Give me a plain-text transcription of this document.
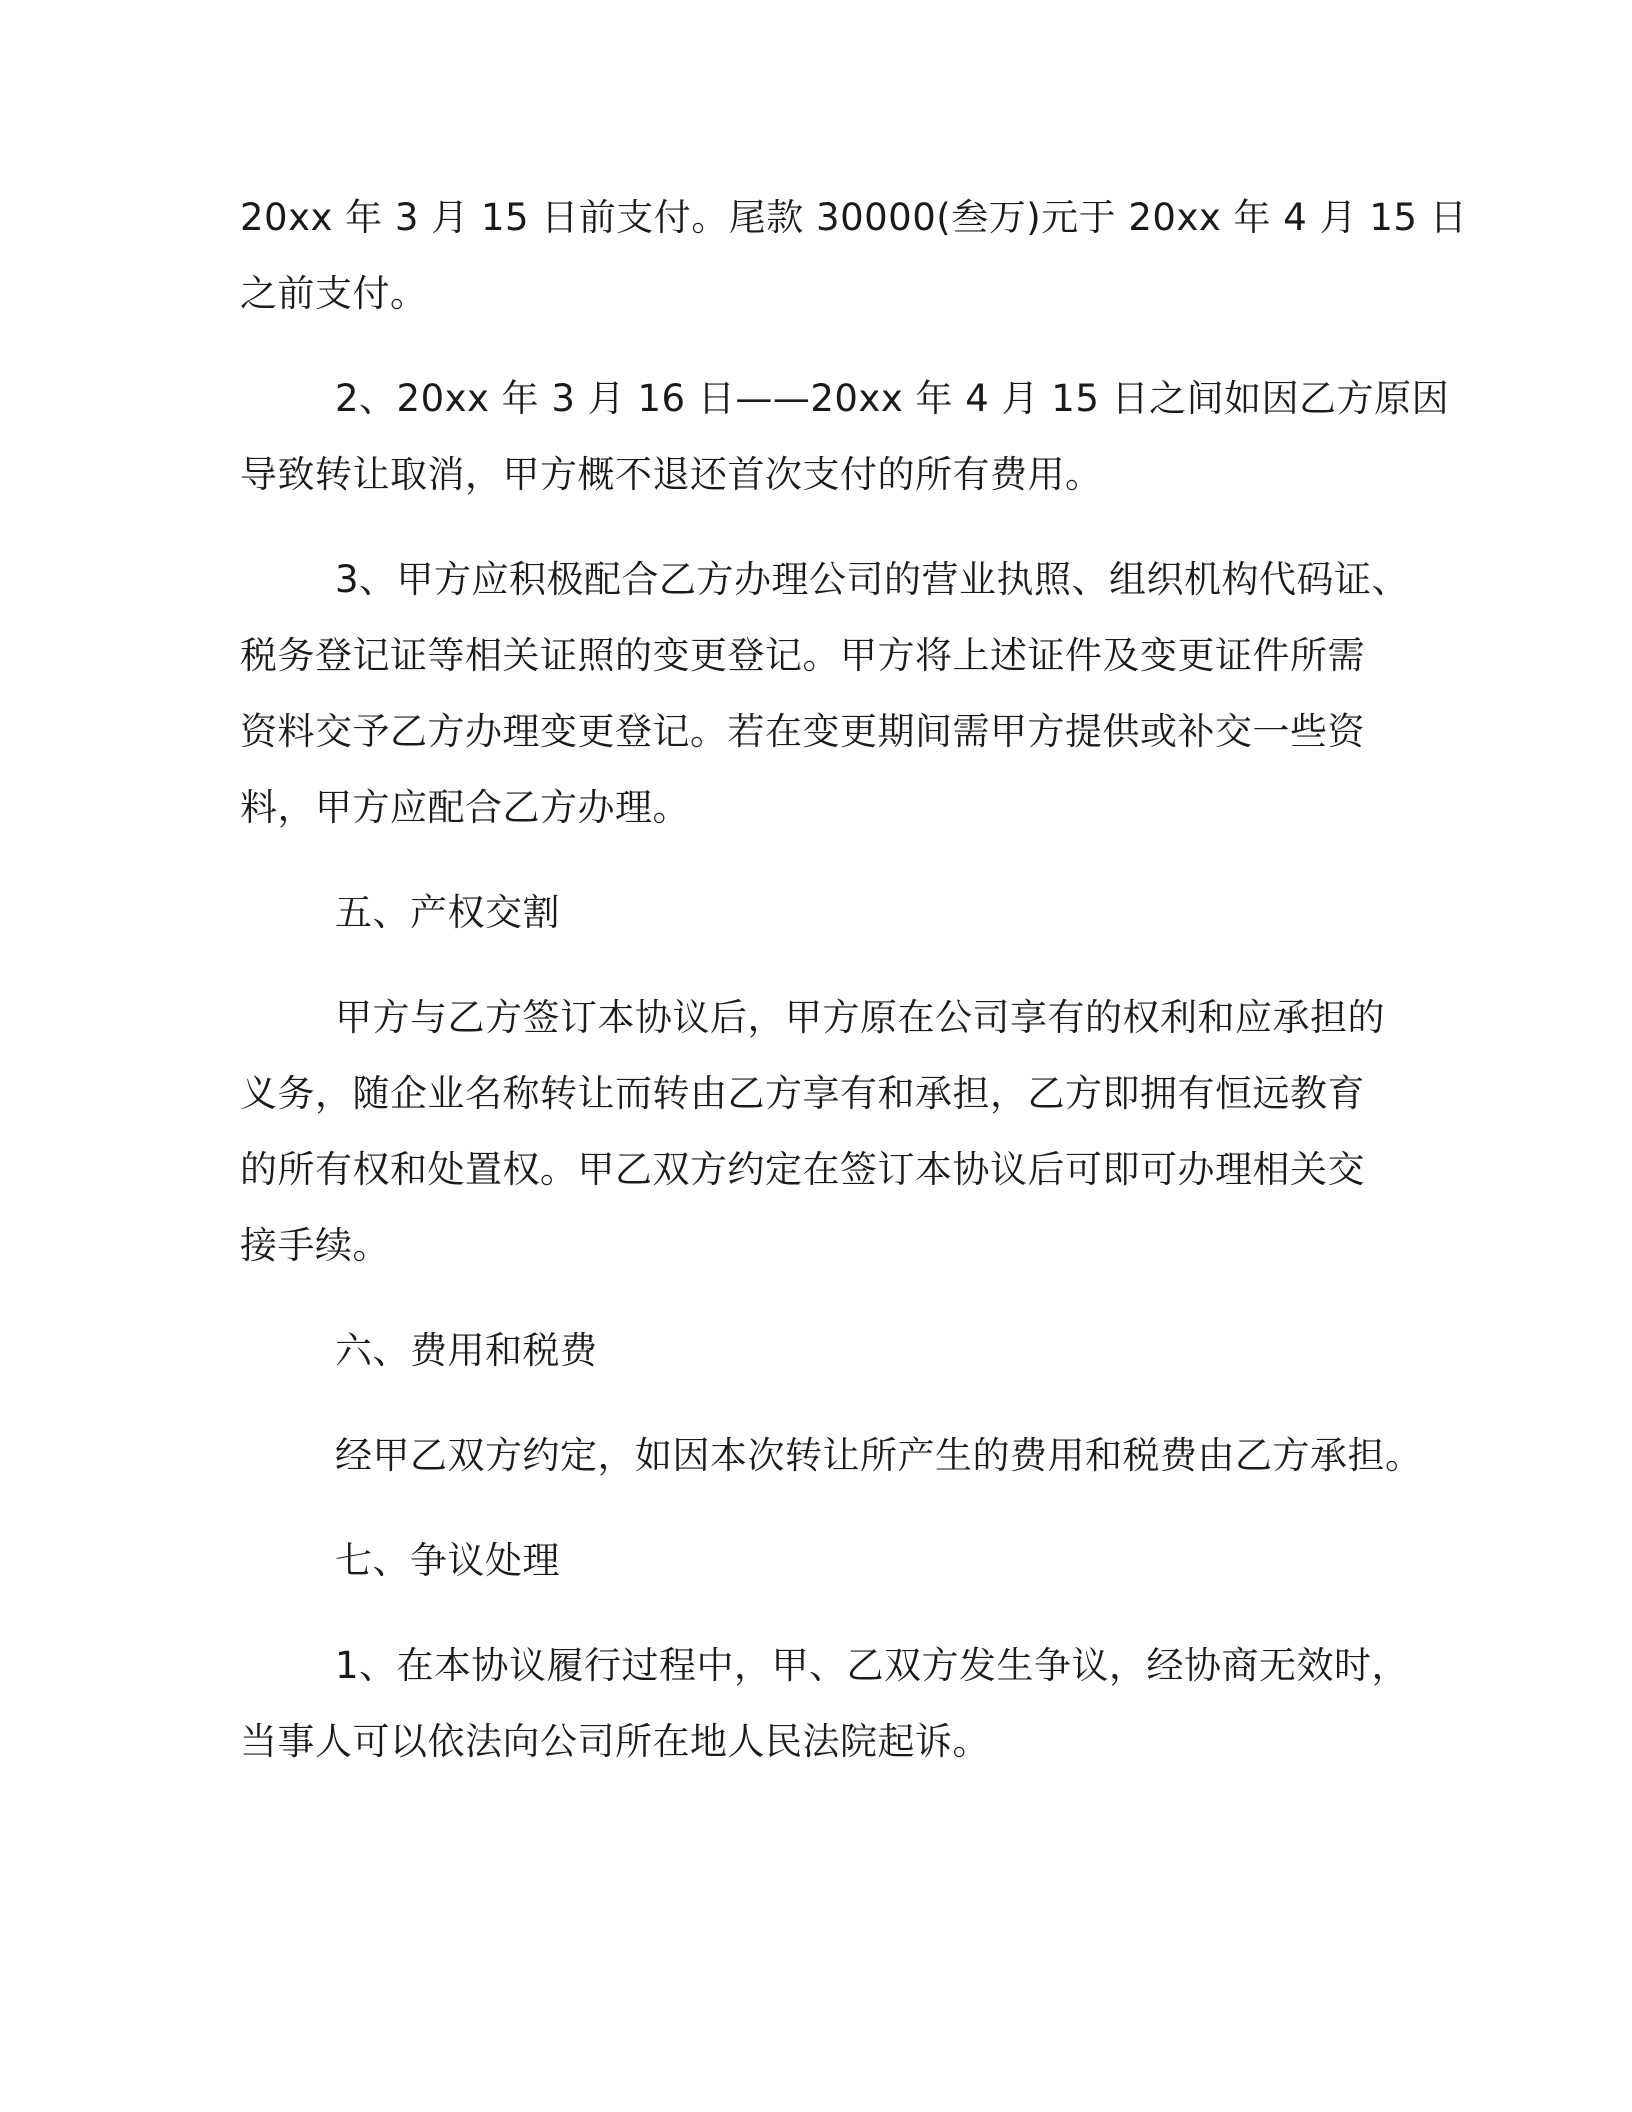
20xx 年 3 月 15 日前支付。尾款 30000(叁万)元于 20xx 年 4 月 15 日
之前支付。
2、20xx 年 3 月 16 日——20xx 年 4 月 15 日之间如因乙方原因
导致转让取消，甲方概不退还首次支付的所有费用。
3、甲方应积极配合乙方办理公司的营业执照、组织机构代码证、
税务登记证等相关证照的变更登记。甲方将上述证件及变更证件所需
资料交予乙方办理变更登记。若在变更期间需甲方提供或补交一些资
料，甲方应配合乙方办理。
五、产权交割
甲方与乙方签订本协议后，甲方原在公司享有的权利和应承担的
义务，随企业名称转让而转由乙方享有和承担，乙方即拥有恒远教育
的所有权和处置权。甲乙双方约定在签订本协议后可即可办理相关交
接手续。
六、费用和税费
经甲乙双方约定，如因本次转让所产生的费用和税费由乙方承担。
七、争议处理
1、在本协议履行过程中，甲、乙双方发生争议，经协商无效时，
当事人可以依法向公司所在地人民法院起诉。
